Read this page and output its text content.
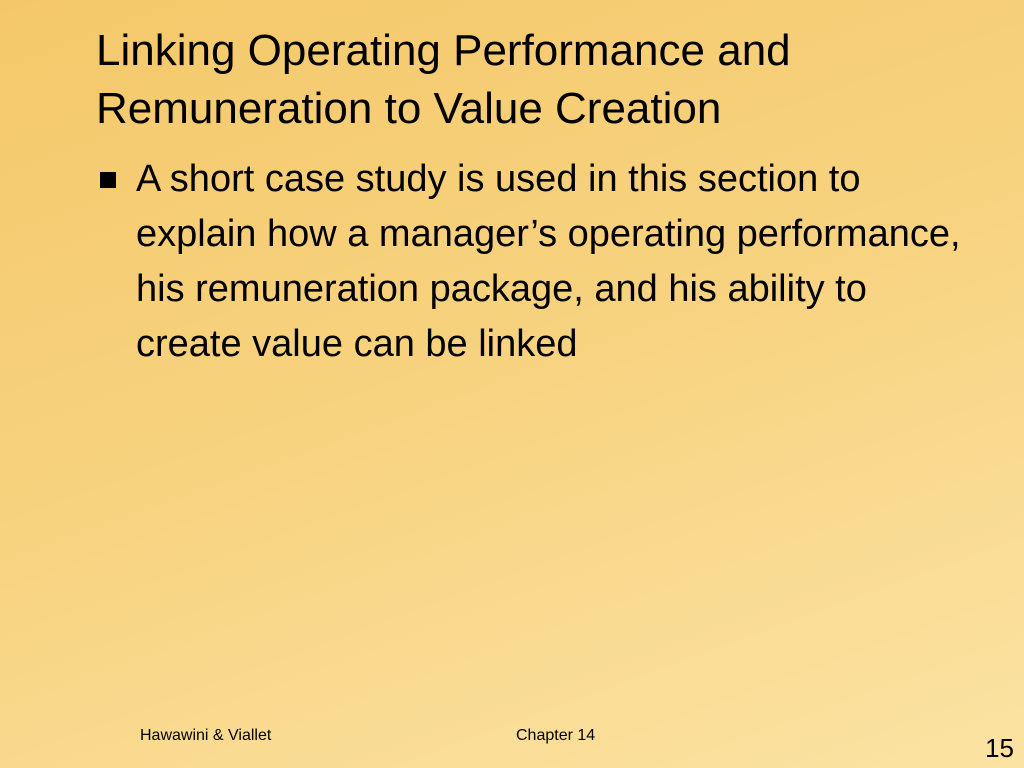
Linking Operating Performance and Remuneration to Value Creation
A short case study is used in this section to explain how a manager’s operating performance, his remuneration package, and his ability to create value can be linked
Hawawini & Viallet	Chapter 14	15
